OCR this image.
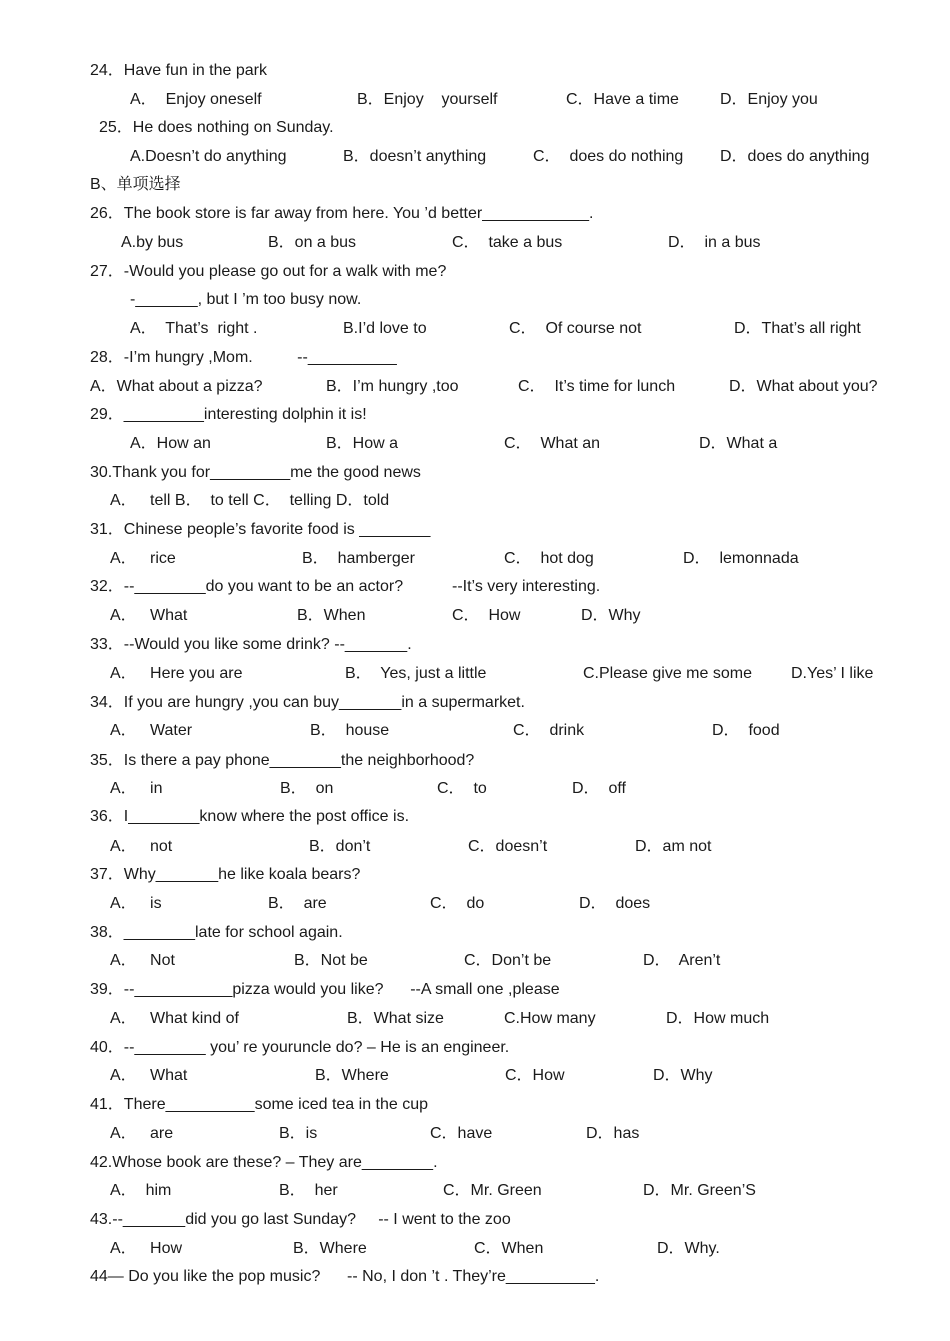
24．Have fun in the park
A．  Enjoy oneself	B．Enjoy    yourself	C．Have a time	D．Enjoy you
25．He does nothing on Sunday.
A.Doesn’t do anything	B．doesn’t anything	C．  does do nothing D．does do anything
B、单项选择
26．The book store is far away from here. You ’d better____________.
A.by bus	B．on a bus	C．  take a bus	D．  in a bus
27．-Would you please go out for a walk with me?
-_______, but I ’m too busy now.
A．  That’s  right .	B.I’d love to	C．  Of course not	D．That’s all right
28．-I’m hungry ,Mom.          --__________
A．What about a pizza?	B．I’m hungry ,too	C．  It’s time for lunch	D．What about you?
29．_________interesting dolphin it is!
A．How an	B．How a	C．  What an	D．What a
30.Thank you for_________me the good news
A．   tell B．  to tell C．  telling D．told
31．Chinese people’s favorite food is ________
A．   rice	B．  hamberger	C．  hot dog	D．  lemonnada
32．--________do you want to be an actor?           --It’s very interesting.
A．   What	B．When	C．  How	D．Why
33．--Would you like some drink? --_______.
A．   Here you are	B．  Yes, just a little	C.Please give me some D.Yes’ I like
34．If you are hungry ,you can buy_______in a supermarket.
A．   Water	B．  house	C．  drink	D．  food
35．Is there a pay phone________the neighborhood?
A．   in	B．  on	C．  to	D．  off
36．I________know where the post office is.
A．   not	B．don’t	C．doesn’t	D．am not
37．Why_______he like koala bears?
A．   is	B．  are	C．  do	D．  does
38．________late for school again.
A．   Not	B．Not be	C．Don’t be	D．  Aren’t
39．--___________pizza would you like?      --A small one ,please
A．   What kind of	B．What size	C.How many	D．How much
40．--________ you’ re youruncle do? – He is an engineer.
A．   What	B．Where	C．How	D．Why
41．There__________some iced tea in the cup
A．   are	B．is	C．have	D．has
42.Whose book are these? – They are________.
A．  him	B．  her	C．Mr. Green	D．Mr. Green’S
43.--_______did you go last Sunday?     -- I went to the zoo
A．   How	B．Where	C．When	D．Why.
44— Do you like the pop music?      -- No, I don ’t . They’re__________.
